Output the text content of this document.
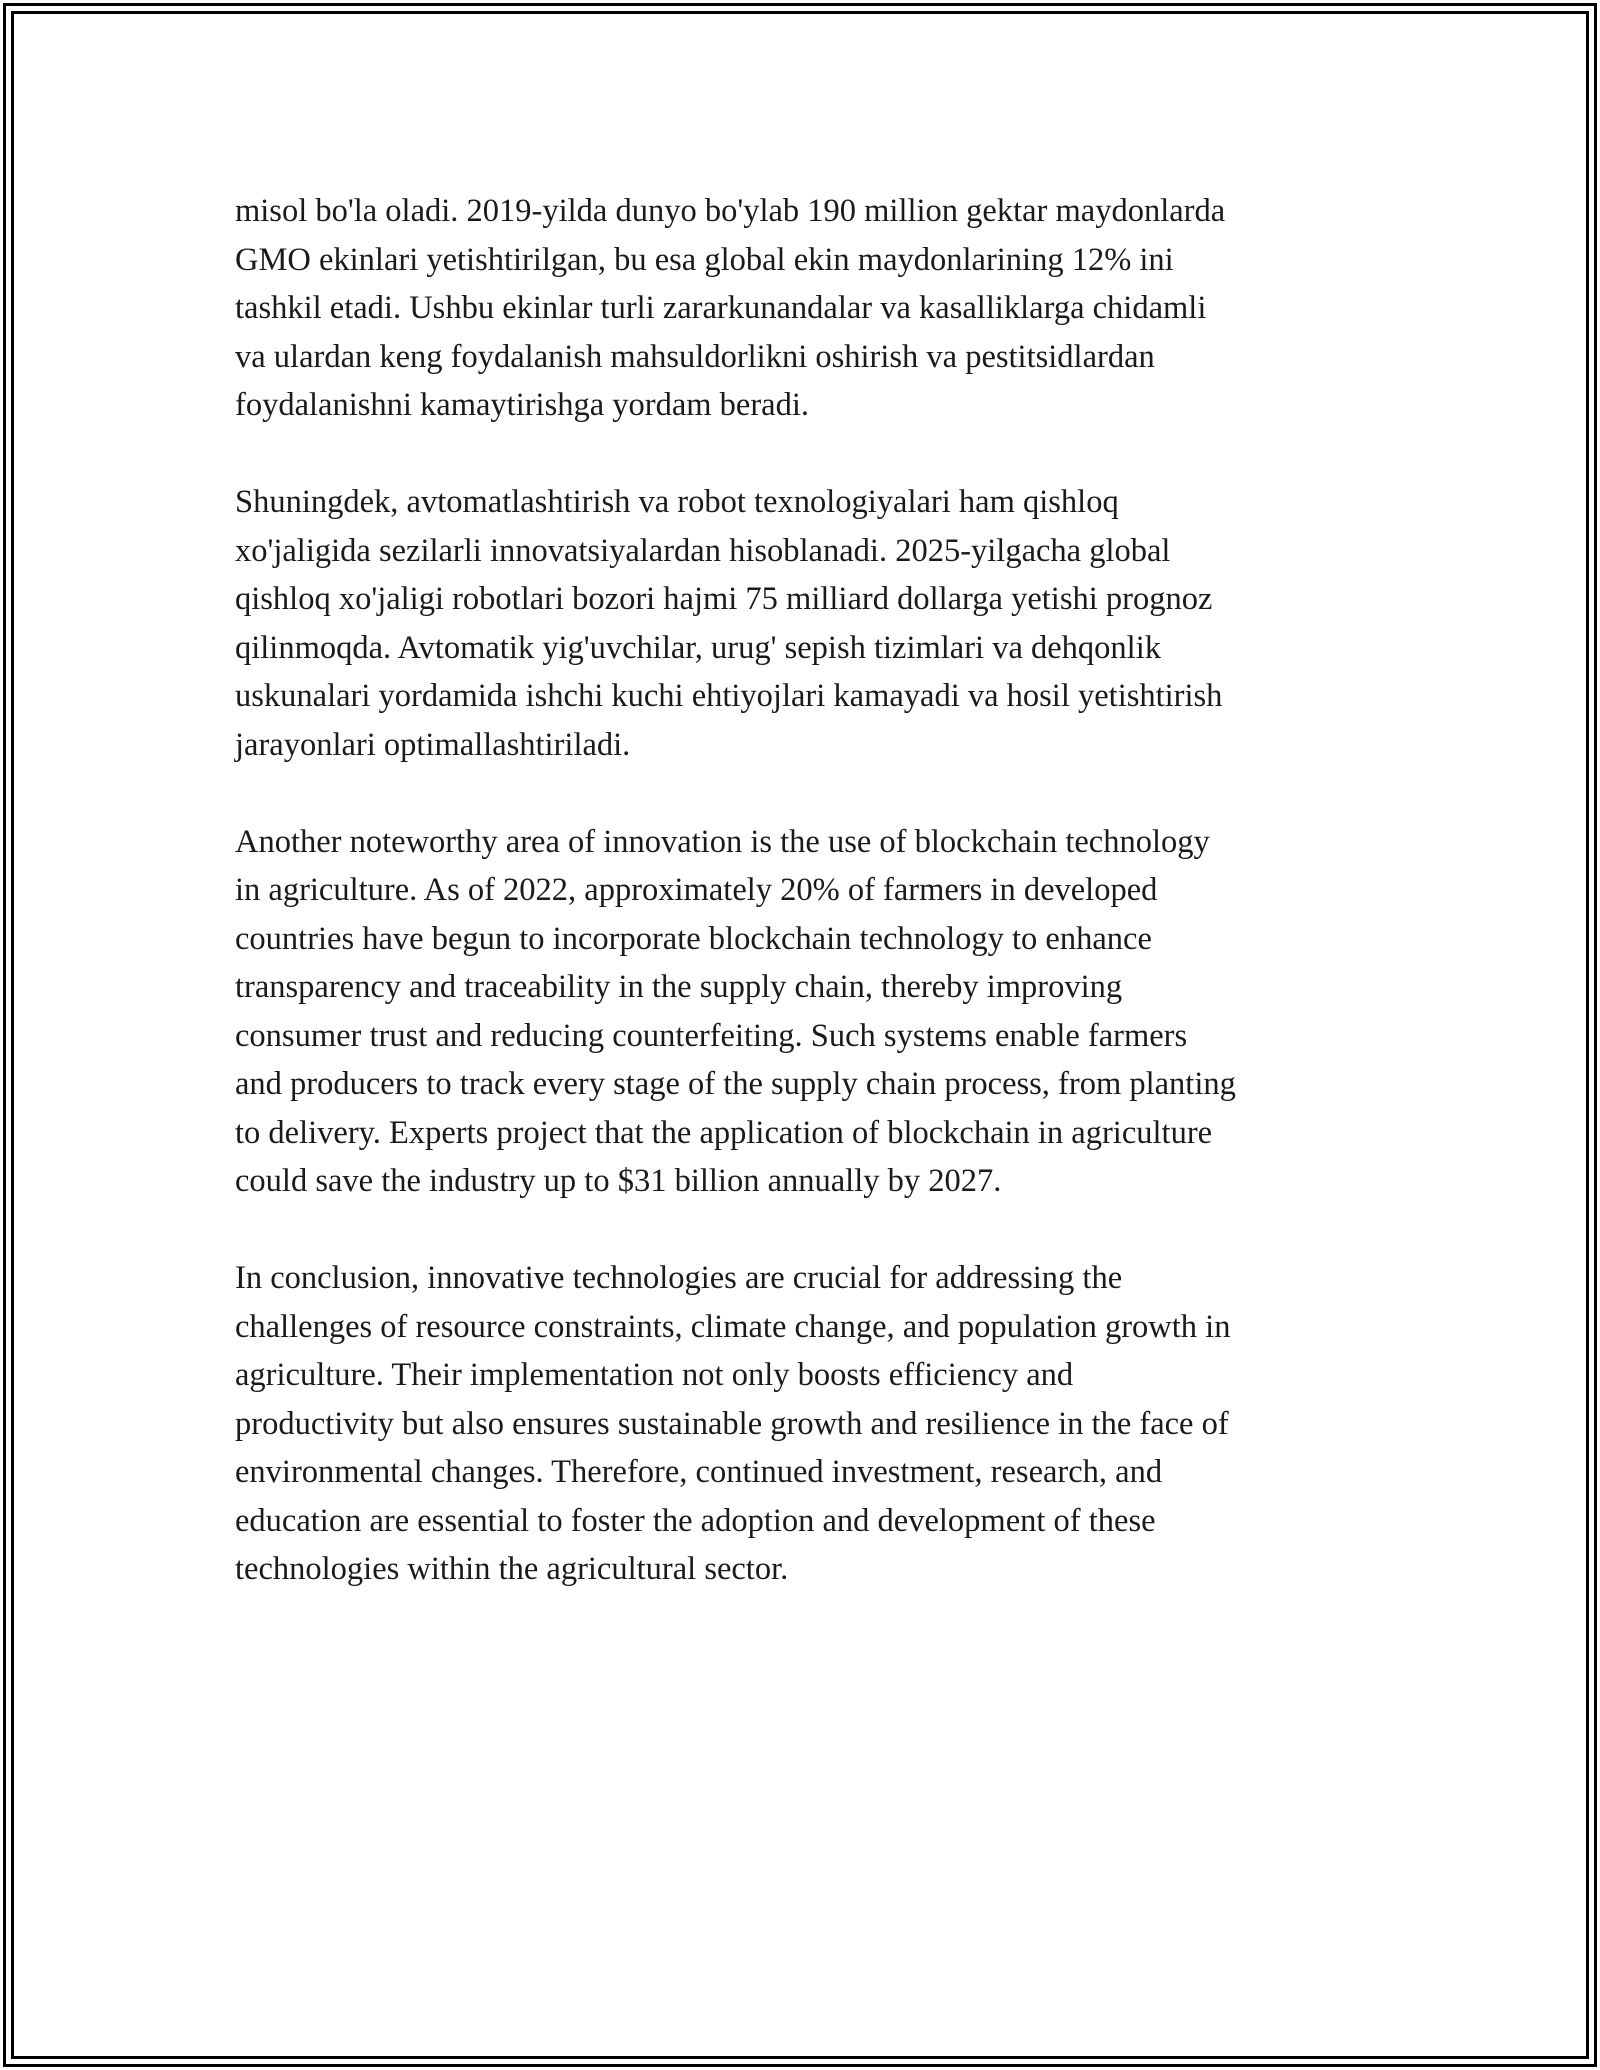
misol bo'la oladi. 2019-yilda dunyo bo'ylab 190 million gektar maydonlarda
GMO ekinlari yetishtirilgan, bu esa global ekin maydonlarining 12% ini
tashkil etadi. Ushbu ekinlar turli zararkunandalar va kasalliklarga chidamli
va ulardan keng foydalanish mahsuldorlikni oshirish va pestitsidlardan
foydalanishni kamaytirishga yordam beradi.

Shuningdek, avtomatlashtirish va robot texnologiyalari ham qishloq
xo'jaligida sezilarli innovatsiyalardan hisoblanadi. 2025-yilgacha global
qishloq xo'jaligi robotlari bozori hajmi 75 milliard dollarga yetishi prognoz
qilinmoqda. Avtomatik yig'uvchilar, urug' sepish tizimlari va dehqonlik
uskunalari yordamida ishchi kuchi ehtiyojlari kamayadi va hosil yetishtirish
jarayonlari optimallashtiriladi.

Another noteworthy area of innovation is the use of blockchain technology
in agriculture. As of 2022, approximately 20% of farmers in developed
countries have begun to incorporate blockchain technology to enhance
transparency and traceability in the supply chain, thereby improving
consumer trust and reducing counterfeiting. Such systems enable farmers
and producers to track every stage of the supply chain process, from planting
to delivery. Experts project that the application of blockchain in agriculture
could save the industry up to $31 billion annually by 2027.

In conclusion, innovative technologies are crucial for addressing the
challenges of resource constraints, climate change, and population growth in
agriculture. Their implementation not only boosts efficiency and
productivity but also ensures sustainable growth and resilience in the face of
environmental changes. Therefore, continued investment, research, and
education are essential to foster the adoption and development of these
technologies within the agricultural sector.
